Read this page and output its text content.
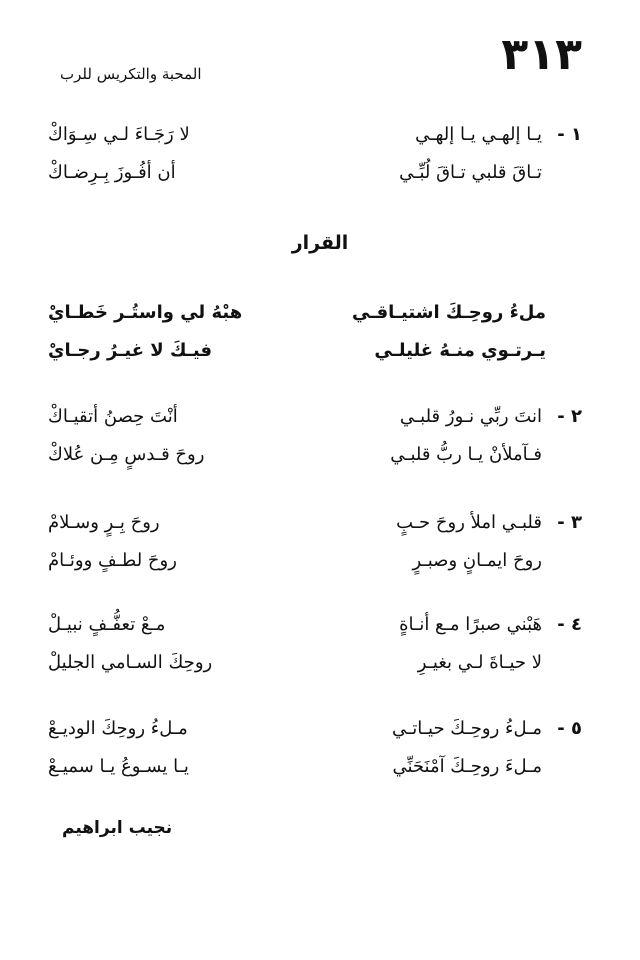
٣١٣
المحبة والتكريس للرب
١ -
يـا إلهـي يـا إلهـي
لا رَجَـاءَ لـي سِـوَاكْ
تـاقَ قلبي تـاقَ لُبِّـي
أن أفُـوزَ بِـرِضـاكْ
القرار
ملءُ روحِـكَ اشتيـاقـي
هبْهُ لي واستُـر خَطـايْ
يـرتـوي منـهُ غليلـي
فيـكَ لا غيـرُ رجـايْ
٢ -
انتَ ربِّي نـورُ قلبـي
أنْتَ حِصنُ أتقيـاكْ
فـآملأنْ يـا ربُّ قلبـي
روحَ قـدسٍ مِـن عُلاكْ
٣ -
قلبـي املأ روحَ حـبٍ
روحَ بِـرٍ وسـلامْ
روحَ ايمـانٍ وصبـرٍ
روحَ لطـفٍ ووئـامْ
٤ -
هَبْني صبرًا مـع أنـاةٍ
مـعْ تعفُّـفٍ نبيـلْ
لا حيـاةَ لـي بغيـرِ
روحِكَ السـامي الجليلْ
٥ -
مـلءُ روحِـكَ حيـاتـي
مـلءُ روحِكَ الوديـعْ
مـلءَ روحِـكَ آمْنَحَنِّي
يـا يسـوعُ يـا سميـعْ
نجيب ابراهيم
